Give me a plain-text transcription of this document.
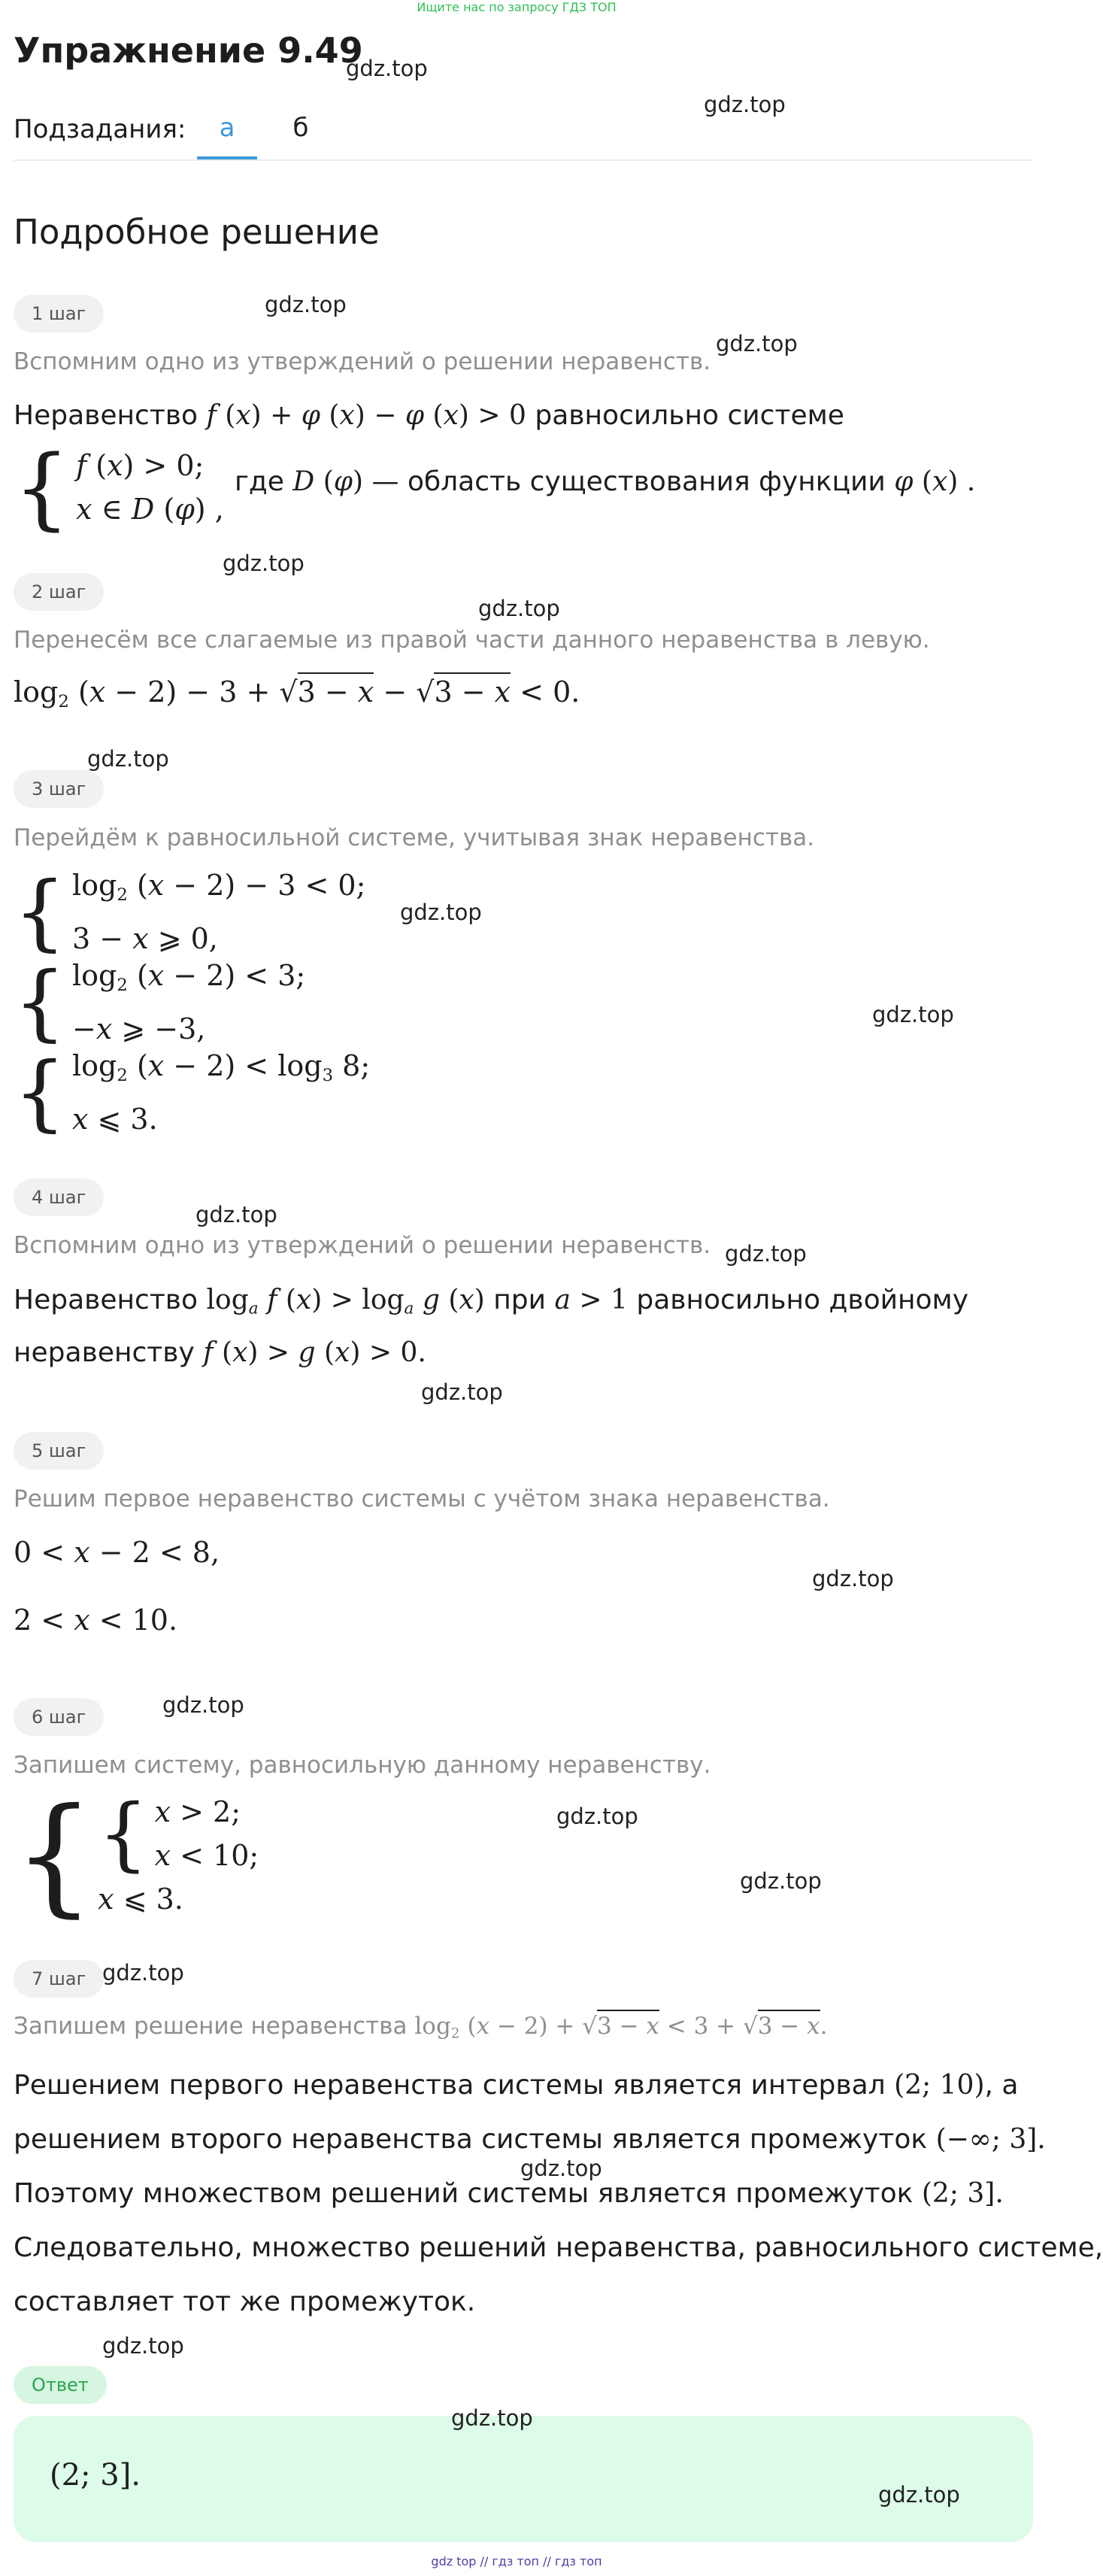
Ищите нас по запросу ГДЗ ТОП
Упражнение 9.49
Подзадания:	а	б
Подробное решение
1 шаг
Вспомним одно из утверждений о решении неравенств.
Неравенство f (x) + φ (x) − φ (x) > 0 равносильно системе
{ f (x) > 0;
x ∈ D (φ) ,
где D (φ) — область существования функции φ (x) .
2 шаг
Перенесём все слагаемые из правой части данного неравенства в левую.
$\log_2 (x - 2) - 3 + √3 - x - √3 - x < 0$.
3 шаг
Перейдём к равносильной системе, учитывая знак неравенства.
{ $\log_2 (x - 2) - 3 < 0$;
3 − x ⩾ 0,
{ $\log_2 (x - 2) < 3$;
−x ⩾ −3,
{ $\log_2 (x - 2) < \log_3 8$;
x ⩽ 3.
4 шаг
Вспомним одно из утверждений о решении неравенств.
Неравенство $\log_a f$ $(x) > \log_a g$ (x) при a > 1 равносильно двойному
неравенству f (x) > g (x) > 0.
5 шаг
Решим первое неравенство системы с учётом знака неравенства.
0 < x − 2 < 8,
2 < x < 10.
6 шаг
Запишем систему, равносильную данному неравенству.
{ { x > 2;
x < 10;
x ⩽ 3.
7 шаг
Запишем решение неравенства $\log_2 (x - 2) + √3 - x < 3 + √3 - x$.
Решением первого неравенства системы является интервал (2; 10), а
решением второго неравенства системы является промежуток (−∞; 3].
Поэтому множеством решений системы является промежуток (2; 3].
Следовательно, множество решений неравенства, равносильного системе,
составляет тот же промежуток.
Ответ
(2; 3].
gdz.top
gdz.top
gdz.top
gdz.top
gdz.top
gdz.top
gdz.top
gdz.top
gdz.top
gdz.top
gdz.top
gdz.top
gdz.top
gdz.top
gdz.top
gdz.top
gdz.top
gdz.top
gdz.top
gdz.top
gdz.top
gdz top // гдз топ // гдз топ
